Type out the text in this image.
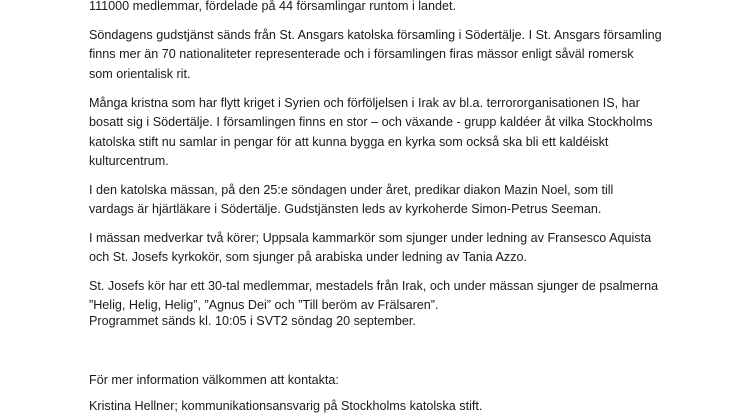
111000 medlemmar, fördelade på 44 församlingar runtom i landet.

Söndagens gudstjänst sänds från St. Ansgars katolska församling i Södertälje. I St. Ansgars församling
finns mer än 70 nationaliteter representerade och i församlingen firas mässor enligt såväl romersk
som orientalisk rit.

Många kristna som har flytt kriget i Syrien och förföljelsen i Irak av bl.a. terrororganisationen IS, har
bosatt sig i Södertälje. I församlingen finns en stor – och växande - grupp kaldéer åt vilka Stockholms
katolska stift nu samlar in pengar för att kunna bygga en kyrka som också ska bli ett kaldéiskt
kulturcentrum.

I den katolska mässan, på den 25:e söndagen under året, predikar diakon Mazin Noel, som till
vardags är hjärtläkare i Södertälje. Gudstjänsten leds av kyrkoherde Simon-Petrus Seeman.

I mässan medverkar två körer; Uppsala kammarkör som sjunger under ledning av Fransesco Aquista
och St. Josefs kyrkokör, som sjunger på arabiska under ledning av Tania Azzo.

St. Josefs kör har ett 30-tal medlemmar, mestadels från Irak, och under mässan sjunger de psalmerna
”Helig, Helig, Helig”, ”Agnus Dei” och ”Till beröm av Frälsaren”.

Programmet sänds kl. 10:05 i SVT2 söndag 20 september.

För mer information välkommen att kontakta:

Kristina Hellner; kommunikationsansvarig på Stockholms katolska stift.
